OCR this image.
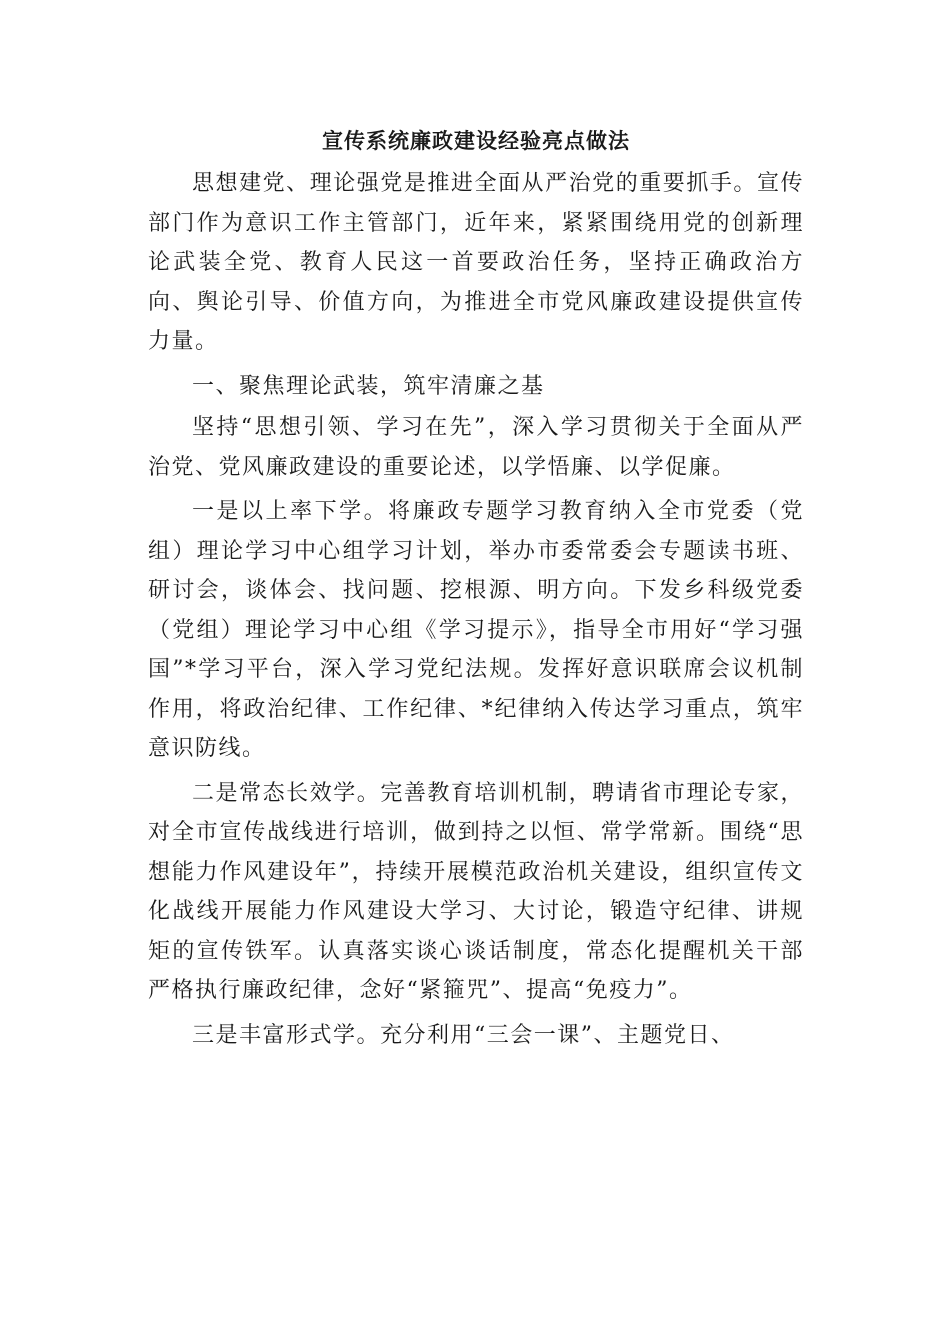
宣传系统廉政建设经验亮点做法

思想建党、理论强党是推进全面从严治党的重要抓手。宣传部门作为意识工作主管部门，近年来，紧紧围绕用党的创新理论武装全党、教育人民这一首要政治任务，坚持正确政治方向、舆论引导、价值方向，为推进全市党风廉政建设提供宣传力量。

一、聚焦理论武装，筑牢清廉之基

坚持“思想引领、学习在先”，深入学习贯彻关于全面从严治党、党风廉政建设的重要论述，以学悟廉、以学促廉。

一是以上率下学。将廉政专题学习教育纳入全市党委（党组）理论学习中心组学习计划，举办市委常委会专题读书班、研讨会，谈体会、找问题、挖根源、明方向。下发乡科级党委（党组）理论学习中心组《学习提示》，指导全市用好“学习强国”*学习平台，深入学习党纪法规。发挥好意识联席会议机制作用，将政治纪律、工作纪律、*纪律纳入传达学习重点，筑牢意识防线。

二是常态长效学。完善教育培训机制，聘请省市理论专家，对全市宣传战线进行培训，做到持之以恒、常学常新。围绕“思想能力作风建设年”，持续开展模范政治机关建设，组织宣传文化战线开展能力作风建设大学习、大讨论，锻造守纪律、讲规矩的宣传铁军。认真落实谈心谈话制度，常态化提醒机关干部严格执行廉政纪律，念好“紧箍咒”、提高“免疫力”。

三是丰富形式学。充分利用“三会一课”、主题党日、
